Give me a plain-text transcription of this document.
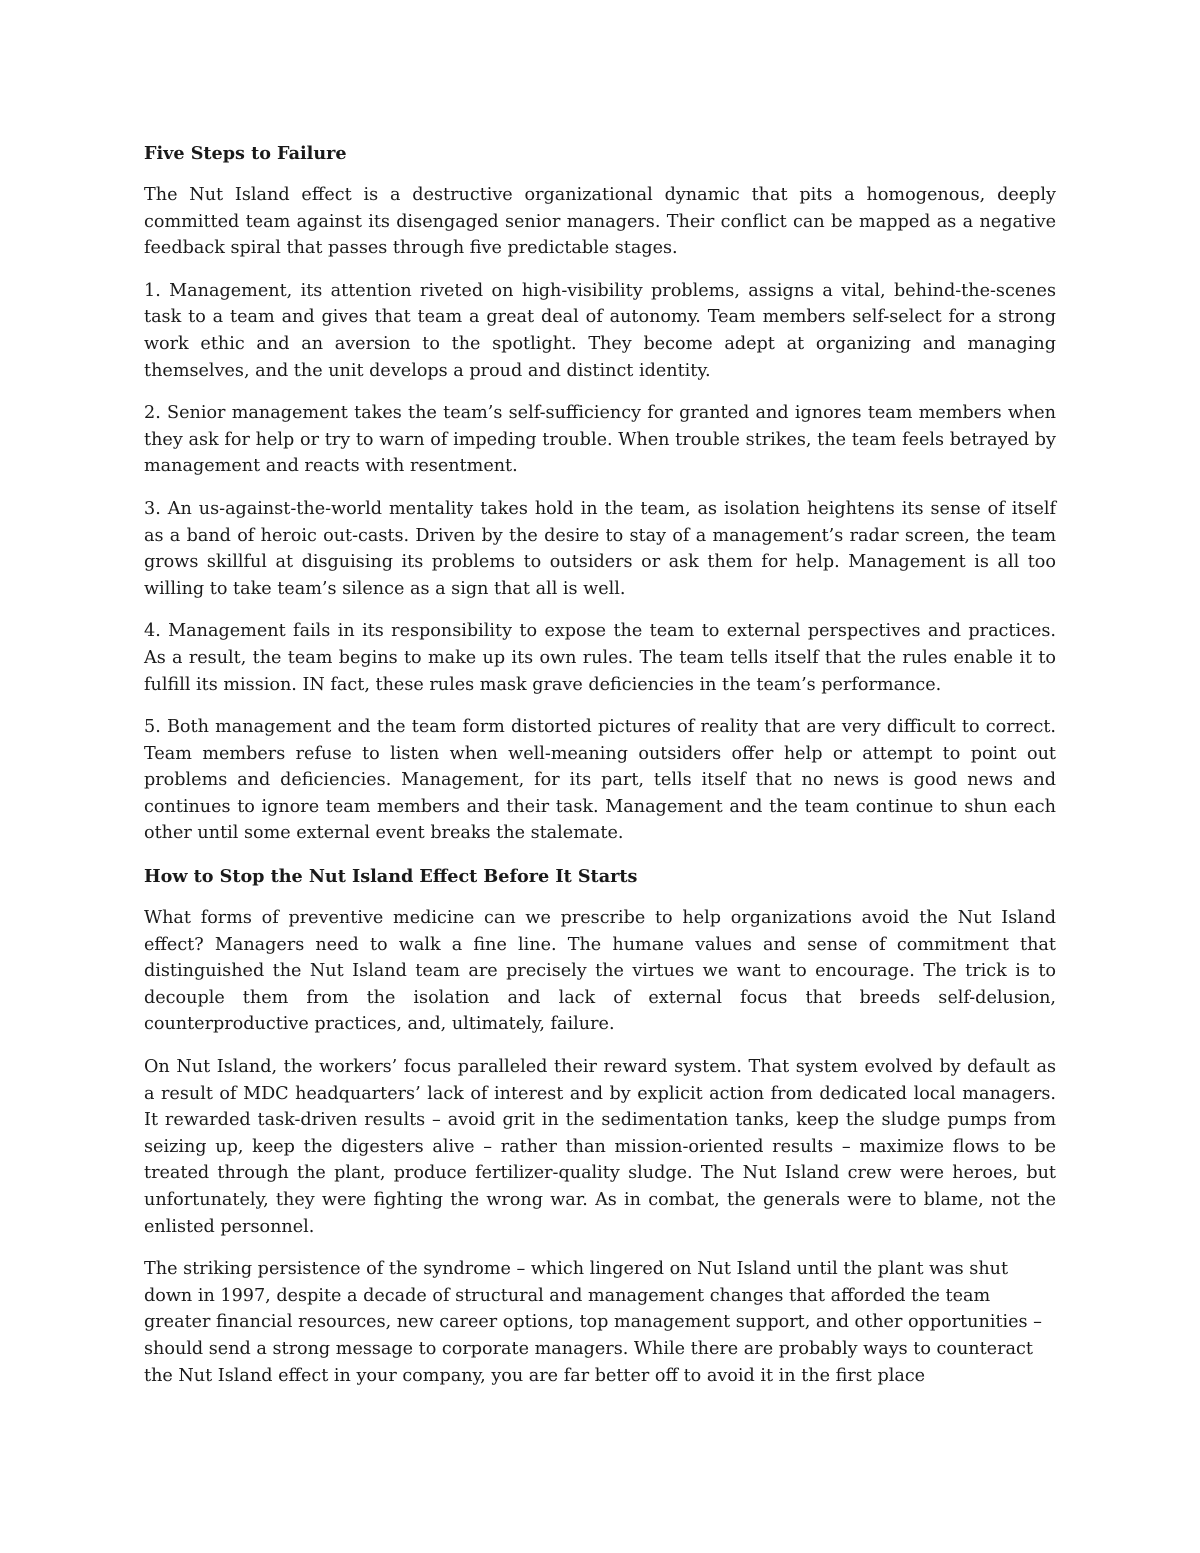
Five Steps to Failure

The Nut Island effect is a destructive organizational dynamic that pits a homogenous, deeply committed team against its disengaged senior managers. Their conflict can be mapped as a negative feedback spiral that passes through five predictable stages.

1. Management, its attention riveted on high-visibility problems, assigns a vital, behind-the-scenes task to a team and gives that team a great deal of autonomy. Team members self-select for a strong work ethic and an aversion to the spotlight. They become adept at organizing and managing themselves, and the unit develops a proud and distinct identity.

2. Senior management takes the team’s self-sufficiency for granted and ignores team members when they ask for help or try to warn of impeding trouble. When trouble strikes, the team feels betrayed by management and reacts with resentment.

3. An us-against-the-world mentality takes hold in the team, as isolation heightens its sense of itself as a band of heroic out-casts. Driven by the desire to stay of a management’s radar screen, the team grows skillful at disguising its problems to outsiders or ask them for help. Management is all too willing to take team’s silence as a sign that all is well.

4. Management fails in its responsibility to expose the team to external perspectives and practices. As a result, the team begins to make up its own rules. The team tells itself that the rules enable it to fulfill its mission. IN fact, these rules mask grave deficiencies in the team’s performance.

5. Both management and the team form distorted pictures of reality that are very difficult to correct. Team members refuse to listen when well-meaning outsiders offer help or attempt to point out problems and deficiencies. Management, for its part, tells itself that no news is good news and continues to ignore team members and their task. Management and the team continue to shun each other until some external event breaks the stalemate.

How to Stop the Nut Island Effect Before It Starts

What forms of preventive medicine can we prescribe to help organizations avoid the Nut Island effect? Managers need to walk a fine line. The humane values and sense of commitment that distinguished the Nut Island team are precisely the virtues we want to encourage. The trick is to decouple them from the isolation and lack of external focus that breeds self-delusion, counterproductive practices, and, ultimately, failure.

On Nut Island, the workers’ focus paralleled their reward system. That system evolved by default as a result of MDC headquarters’ lack of interest and by explicit action from dedicated local managers. It rewarded task-driven results – avoid grit in the sedimentation tanks, keep the sludge pumps from seizing up, keep the digesters alive – rather than mission-oriented results – maximize flows to be treated through the plant, produce fertilizer-quality sludge. The Nut Island crew were heroes, but unfortunately, they were fighting the wrong war. As in combat, the generals were to blame, not the enlisted personnel.

The striking persistence of the syndrome – which lingered on Nut Island until the plant was shut down in 1997, despite a decade of structural and management changes that afforded the team greater financial resources, new career options, top management support, and other opportunities – should send a strong message to corporate managers. While there are probably ways to counteract the Nut Island effect in your company, you are far better off to avoid it in the first place
